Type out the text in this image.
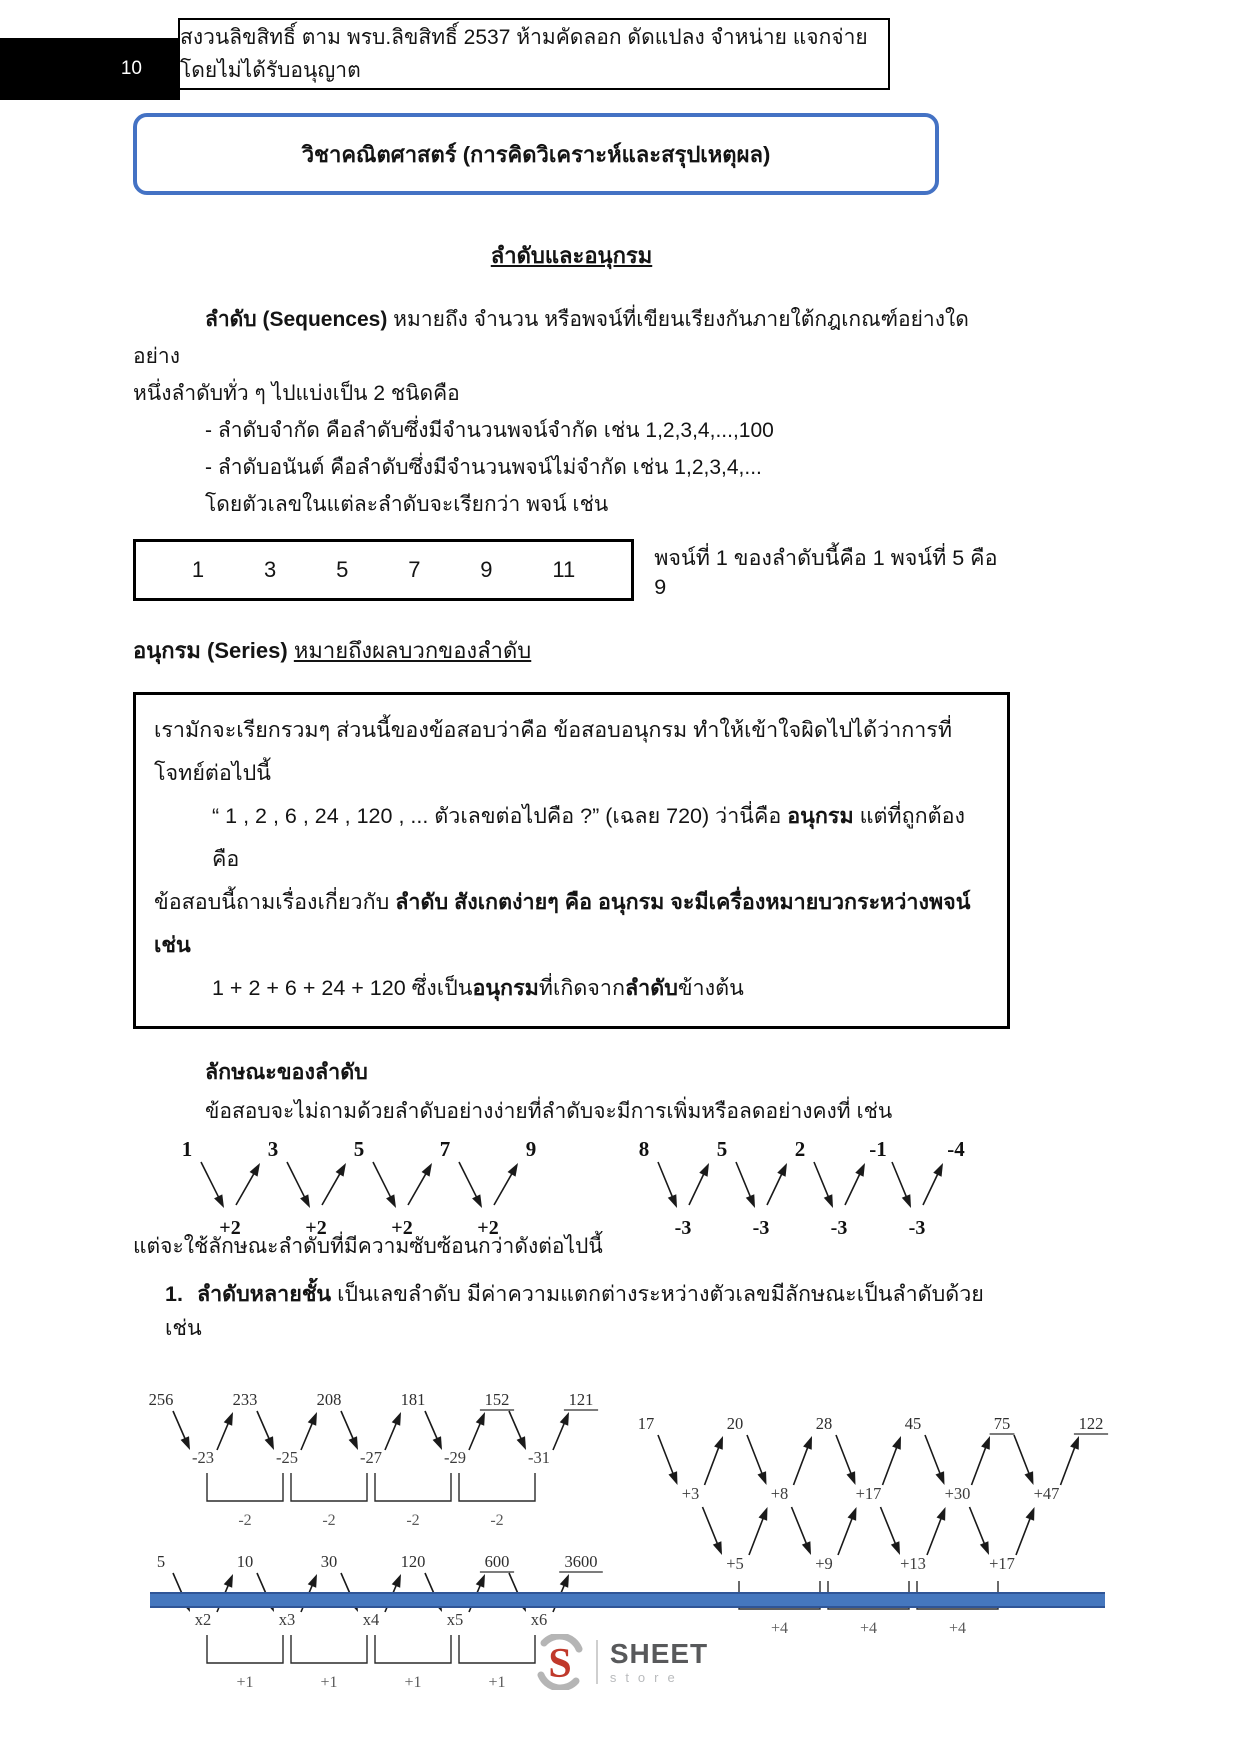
10
สงวนลิขสิทธิ์ ตาม พรบ.ลิขสิทธิ์ 2537 ห้ามคัดลอก ดัดแปลง จำหน่าย แจกจ่าย โดยไม่ได้รับอนุญาต
วิชาคณิตศาสตร์ (การคิดวิเคราะห์และสรุปเหตุผล)
ลำดับและอนุกรม

ลำดับ (Sequences) หมายถึง จำนวน หรือพจน์ที่เขียนเรียงกันภายใต้กฎเกณฑ์อย่างใดอย่าง

หนึ่งลำดับทั่ว ๆ ไปแบ่งเป็น 2 ชนิดคือ

- ลำดับจำกัด คือลำดับซึ่งมีจำนวนพจน์จำกัด เช่น 1,2,3,4,...,100

- ลำดับอนันต์ คือลำดับซึ่งมีจำนวนพจน์ไม่จำกัด เช่น 1,2,3,4,...

โดยตัวเลขในแต่ละลำดับจะเรียกว่า พจน์ เช่น

1	3	5	7	9	11	พจน์ที่ 1 ของลำดับนี้คือ 1 พจน์ที่ 5 คือ 9
อนุกรม (Series) หมายถึงผลบวกของลำดับ
เรามักจะเรียกรวมๆ ส่วนนี้ของข้อสอบว่าคือ ข้อสอบอนุกรม ทำให้เข้าใจผิดไปได้ว่าการที่โจทย์ต่อไปนี้
“ 1 , 2 , 6 , 24 , 120 , ... ตัวเลขต่อไปคือ ?” (เฉลย 720) ว่านี่คือ อนุกรม แต่ที่ถูกต้องคือ
ข้อสอบนี้ถามเรื่องเกี่ยวกับ ลำดับ สังเกตง่ายๆ คือ อนุกรม จะมีเครื่องหมายบวกระหว่างพจน์ เช่น
1 + 2 + 6 + 24 + 120 ซึ่งเป็นอนุกรมที่เกิดจากลำดับข้างต้น
ลักษณะของลำดับ
ข้อสอบจะไม่ถามด้วยลำดับอย่างง่ายที่ลำดับจะมีการเพิ่มหรือลดอย่างคงที่ เช่น
1	3	5	7	9
+2	+2	+2	+2
8	5	2	-1	-4
-3	-3	-3	-3
แต่จะใช้ลักษณะลำดับที่มีความซับซ้อนกว่าดังต่อไปนี้
1. ลำดับหลายชั้น เป็นเลขลำดับ มีค่าความแตกต่างระหว่างตัวเลขมีลักษณะเป็นลำดับด้วย เช่น
256	233	208	181	152	121
-23	-25	-27	-29	-31
-2	-2	-2	-2
5	10	30	120	600	3600
x2	x3	x4	x5	x6
+1	+1	+1	+1
17	20	28	45	75	122
+3	+8	+17	+30	+47
+5	+9	+13	+17
+4	+4	+4
S SHEET
store
